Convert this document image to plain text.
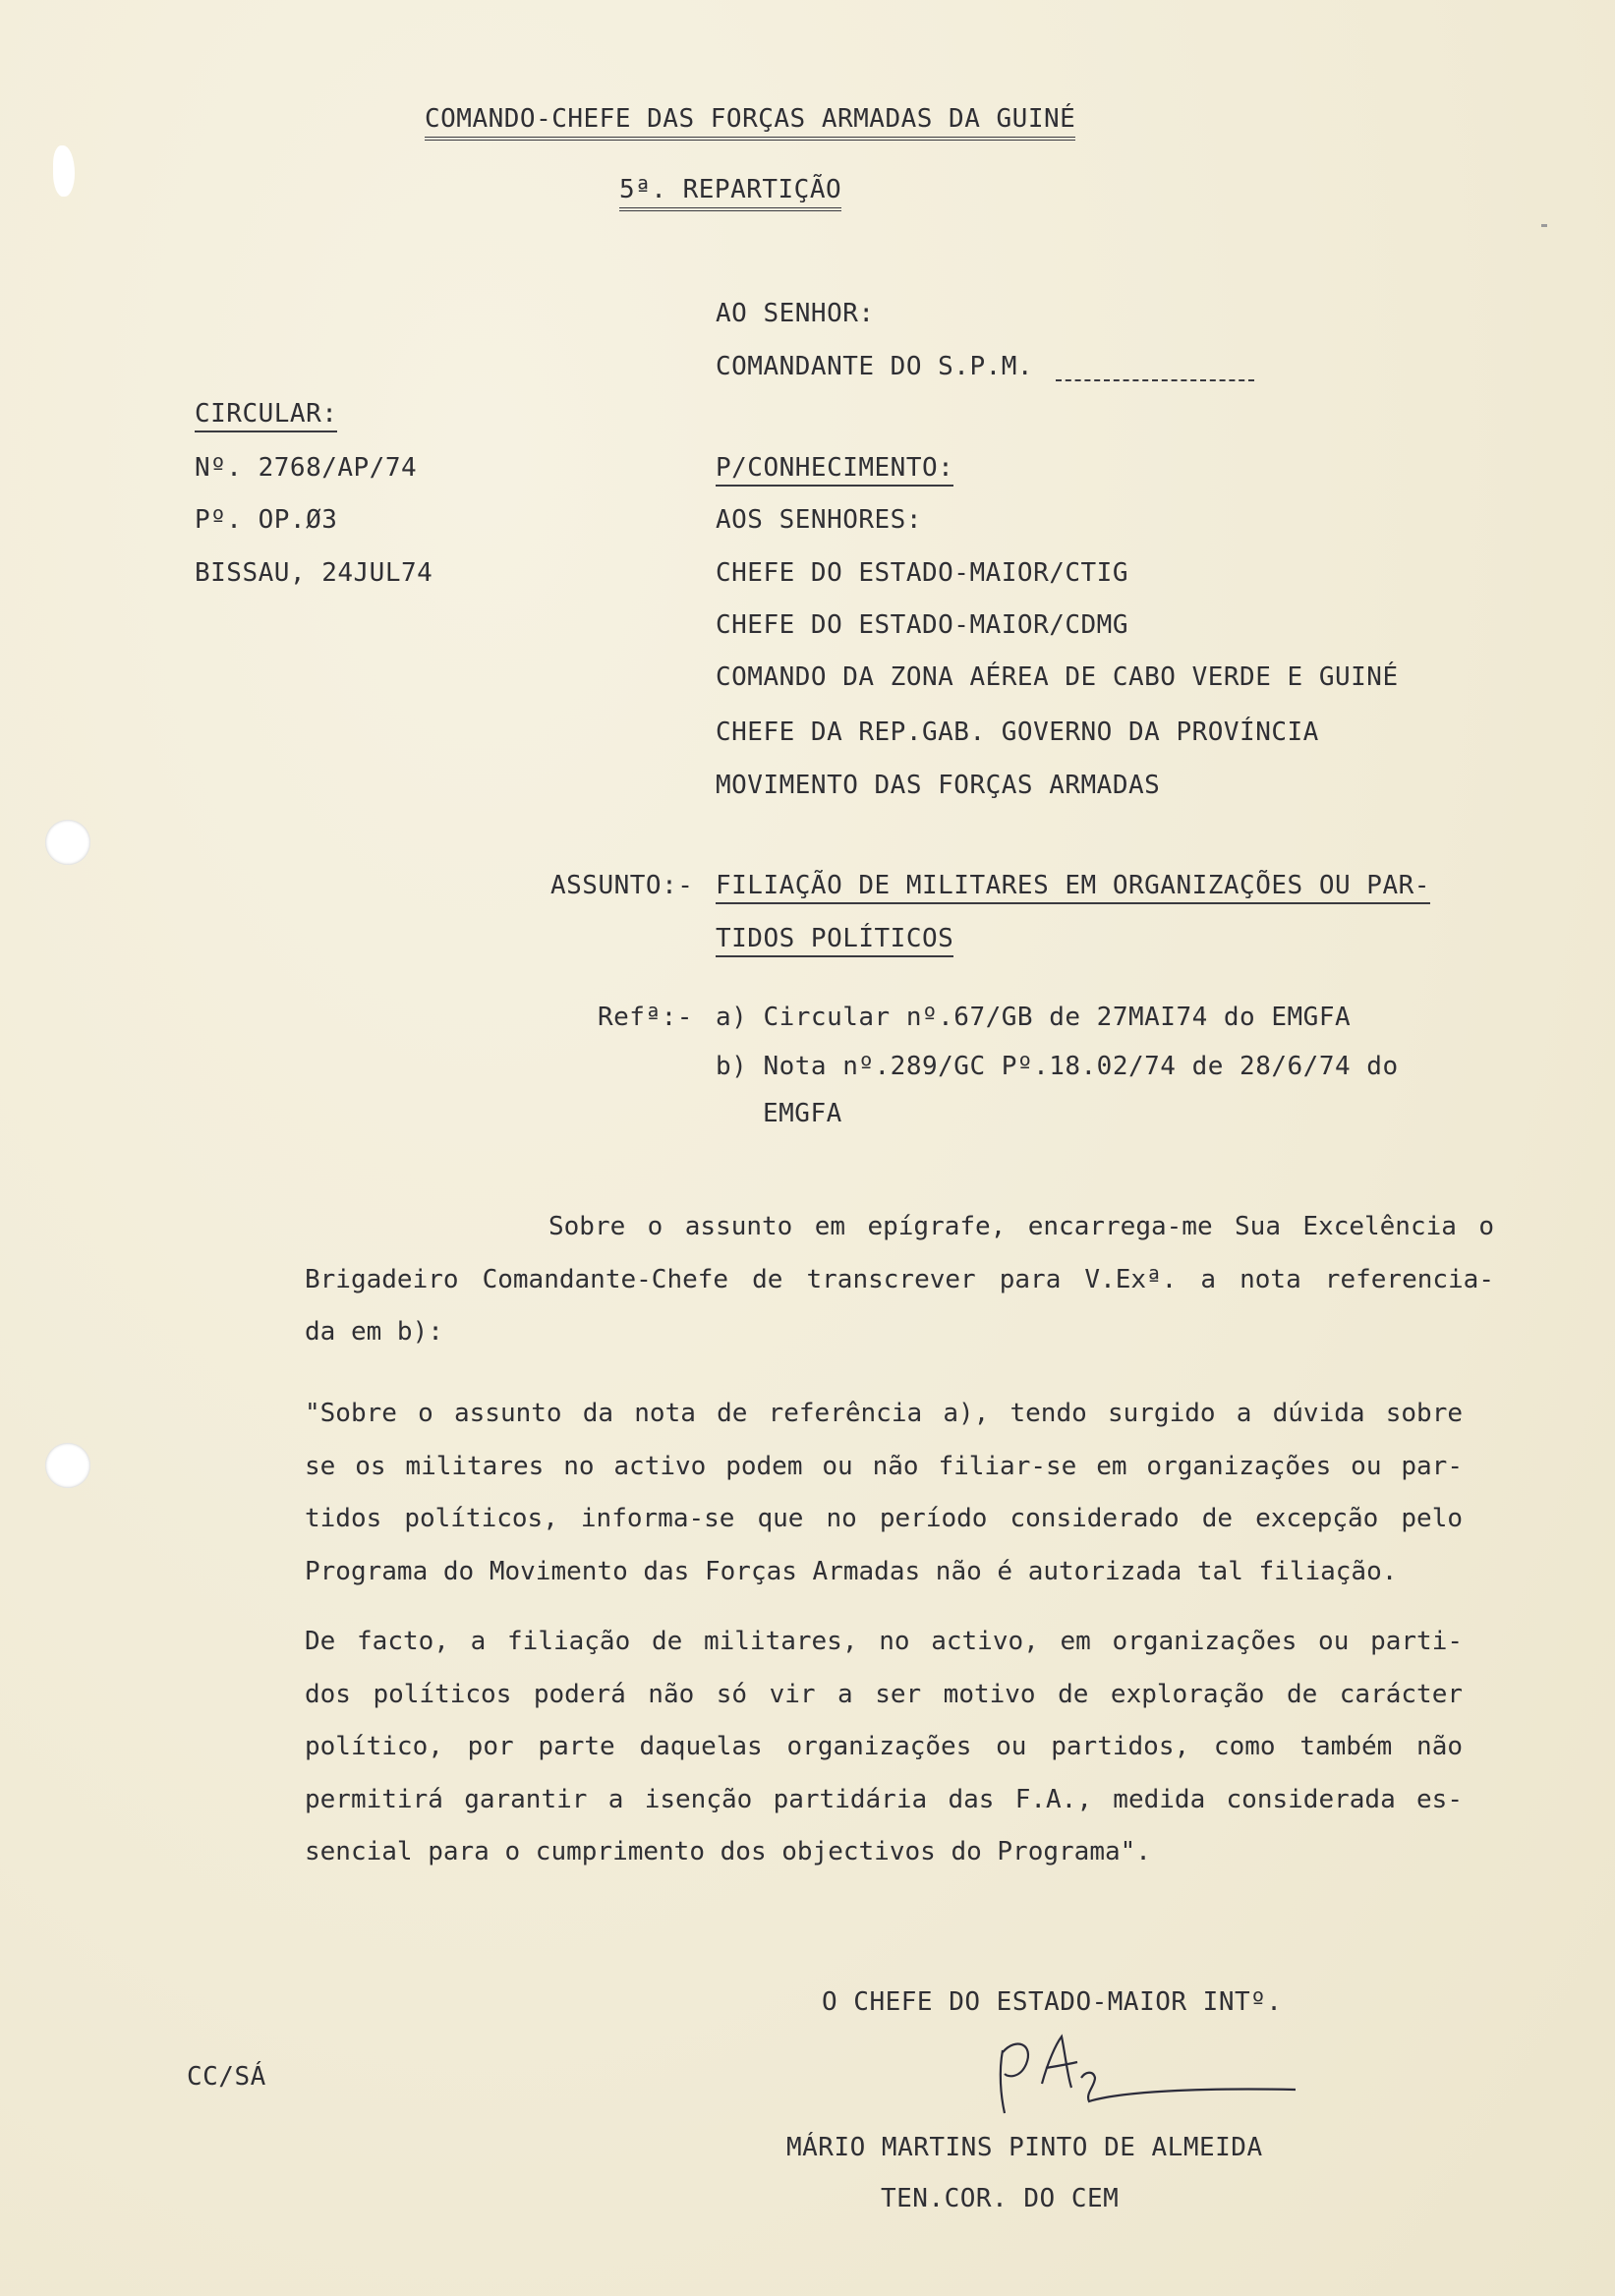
COMANDO-CHEFE DAS FORÇAS ARMADAS DA GUINÉ
5ª. REPARTIÇÃO
AO SENHOR:
COMANDANTE DO S.P.M.
CIRCULAR:
Nº. 2768/AP/74
Pº. OP.Ø3
BISSAU, 24JUL74
P/CONHECIMENTO:
AOS SENHORES:
CHEFE DO ESTADO-MAIOR/CTIG
CHEFE DO ESTADO-MAIOR/CDMG
COMANDO DA ZONA AÉREA DE CABO VERDE E GUINÉ
CHEFE DA REP.GAB. GOVERNO DA PROVÍNCIA
MOVIMENTO DAS FORÇAS ARMADAS
ASSUNTO:- FILIAÇÃO DE MILITARES EM ORGANIZAÇÕES OU PAR-
TIDOS POLÍTICOS
Refª:- a) Circular nº.67/GB de 27MAI74 do EMGFA
b) Nota nº.289/GC Pº.18.02/74 de 28/6/74 do
EMGFA
Sobre o assunto em epígrafe, encarrega-me Sua Excelência o
Brigadeiro Comandante-Chefe de transcrever para V.Exª. a nota referencia-
da em b):
"Sobre o assunto da nota de referência a), tendo surgido a dúvida sobre
se os militares no activo podem ou não filiar-se em organizações ou par-
tidos políticos, informa-se que no período considerado de excepção pelo
Programa do Movimento das Forças Armadas não é autorizada tal filiação.
De facto, a filiação de militares, no activo, em organizações ou parti-
dos políticos poderá não só vir a ser motivo de exploração de carácter
político, por parte daquelas organizações ou partidos, como também não
permitirá garantir a isenção partidária das F.A., medida considerada es-
sencial para o cumprimento dos objectivos do Programa".
O CHEFE DO ESTADO-MAIOR INTº.
MÁRIO MARTINS PINTO DE ALMEIDA
TEN.COR. DO CEM
CC/SÁ
